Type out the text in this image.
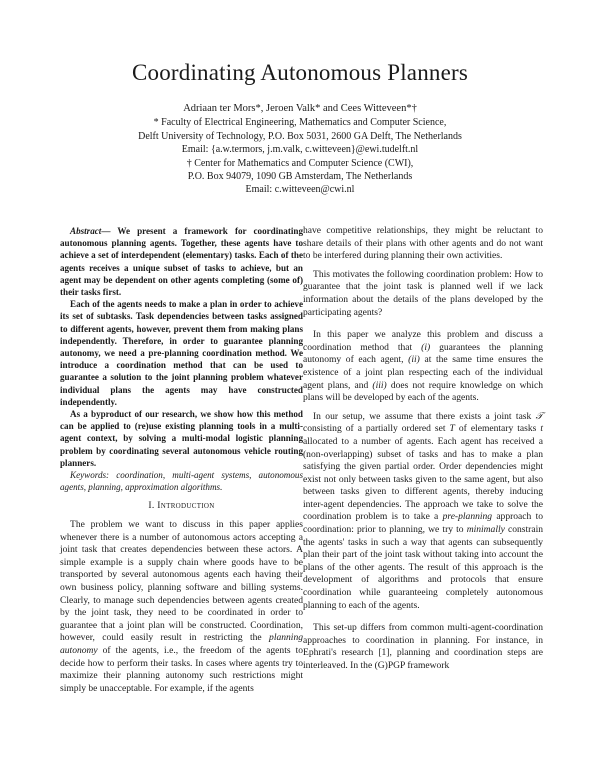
Coordinating Autonomous Planners
Adriaan ter Mors*, Jeroen Valk* and Cees Witteveen*†
* Faculty of Electrical Engineering, Mathematics and Computer Science,
Delft University of Technology, P.O. Box 5031, 2600 GA Delft, The Netherlands
Email: {a.w.termors, j.m.valk, c.witteveen}@ewi.tudelft.nl
† Center for Mathematics and Computer Science (CWI),
P.O. Box 94079, 1090 GB Amsterdam, The Netherlands
Email: c.witteveen@cwi.nl

Abstract— We present a framework for coordinating autonomous planning agents. Together, these agents have to achieve a set of interdependent (elementary) tasks. Each of the agents receives a unique subset of tasks to achieve, but an agent may be dependent on other agents completing (some of) their tasks first.

Each of the agents needs to make a plan in order to achieve its set of subtasks. Task dependencies between tasks assigned to different agents, however, prevent them from making plans independently. Therefore, in order to guarantee planning autonomy, we need a pre-planning coordination method. We introduce a coordination method that can be used to guarantee a solution to the joint planning problem whatever individual plans the agents may have constructed independently.

As a byproduct of our research, we show how this method can be applied to (re)use existing planning tools in a multi-agent context, by solving a multi-modal logistic planning problem by coordinating several autonomous vehicle routing planners.

Keywords: coordination, multi-agent systems, autonomous agents, planning, approximation algorithms.

I. Introduction

The problem we want to discuss in this paper applies whenever there is a number of autonomous actors accepting a joint task that creates dependencies between these actors. A simple example is a supply chain where goods have to be transported by several autonomous agents each having their own business policy, planning software and billing systems. Clearly, to manage such dependencies between agents created by the joint task, they need to be coordinated in order to guarantee that a joint plan will be constructed. Coordination, however, could easily result in restricting the planning autonomy of the agents, i.e., the freedom of the agents to decide how to perform their tasks. In cases where agents try to maximize their planning autonomy such restrictions might simply be unacceptable. For example, if the agents

have competitive relationships, they might be reluctant to share details of their plans with other agents and do not want to be interfered during planning their own activities.

This motivates the following coordination problem: How to guarantee that the joint task is planned well if we lack information about the details of the plans developed by the participating agents?

In this paper we analyze this problem and discuss a coordination method that (i) guarantees the planning autonomy of each agent, (ii) at the same time ensures the existence of a joint plan respecting each of the individual agent plans, and (iii) does not require knowledge on which plans will be developed by each of the agents.

In our setup, we assume that there exists a joint task 𝒯 consisting of a partially ordered set T of elementary tasks t allocated to a number of agents. Each agent has received a (non-overlapping) subset of tasks and has to make a plan satisfying the given partial order. Order dependencies might exist not only between tasks given to the same agent, but also between tasks given to different agents, thereby inducing inter-agent dependencies. The approach we take to solve the coordination problem is to take a pre-planning approach to coordination: prior to planning, we try to minimally constrain the agents' tasks in such a way that agents can subsequently plan their part of the joint task without taking into account the plans of the other agents. The result of this approach is the development of algorithms and protocols that ensure coordination while guaranteeing completely autonomous planning to each of the agents.

This set-up differs from common multi-agent-coordination approaches to coordination in planning. For instance, in Ephrati's research [1], planning and coordination steps are interleaved. In the (G)PGP framework
